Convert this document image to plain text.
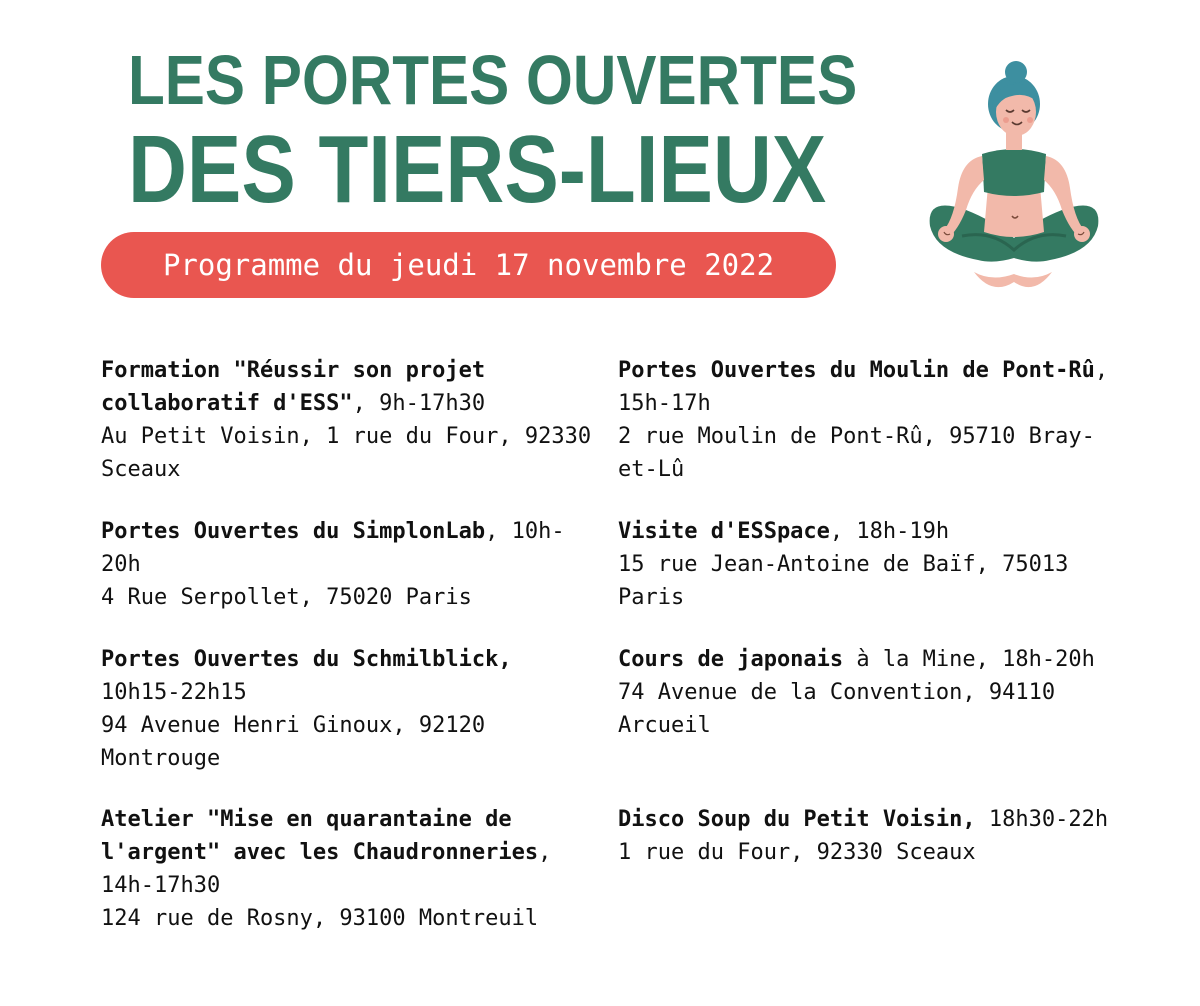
LES PORTES OUVERTES
DES TIERS-LIEUX
Programme du jeudi 17 novembre 2022
Formation "Réussir son projet collaboratif d'ESS", 9h-17h30
Au Petit Voisin, 1 rue du Four, 92330 Sceaux
Portes Ouvertes du SimplonLab, 10h-20h
4 Rue Serpollet, 75020 Paris
Portes Ouvertes du Schmilblick, 10h15-22h15
94 Avenue Henri Ginoux, 92120 Montrouge
Atelier "Mise en quarantaine de l'argent" avec les Chaudronneries, 14h-17h30
124 rue de Rosny, 93100 Montreuil
Portes Ouvertes du Moulin de Pont-Rû, 15h-17h
2 rue Moulin de Pont-Rû, 95710 Bray-et-Lû
Visite d'ESSpace, 18h-19h
15 rue Jean-Antoine de Baïf, 75013 Paris
Cours de japonais à la Mine, 18h-20h
74 Avenue de la Convention, 94110 Arcueil
Disco Soup du Petit Voisin, 18h30-22h
1 rue du Four, 92330 Sceaux
